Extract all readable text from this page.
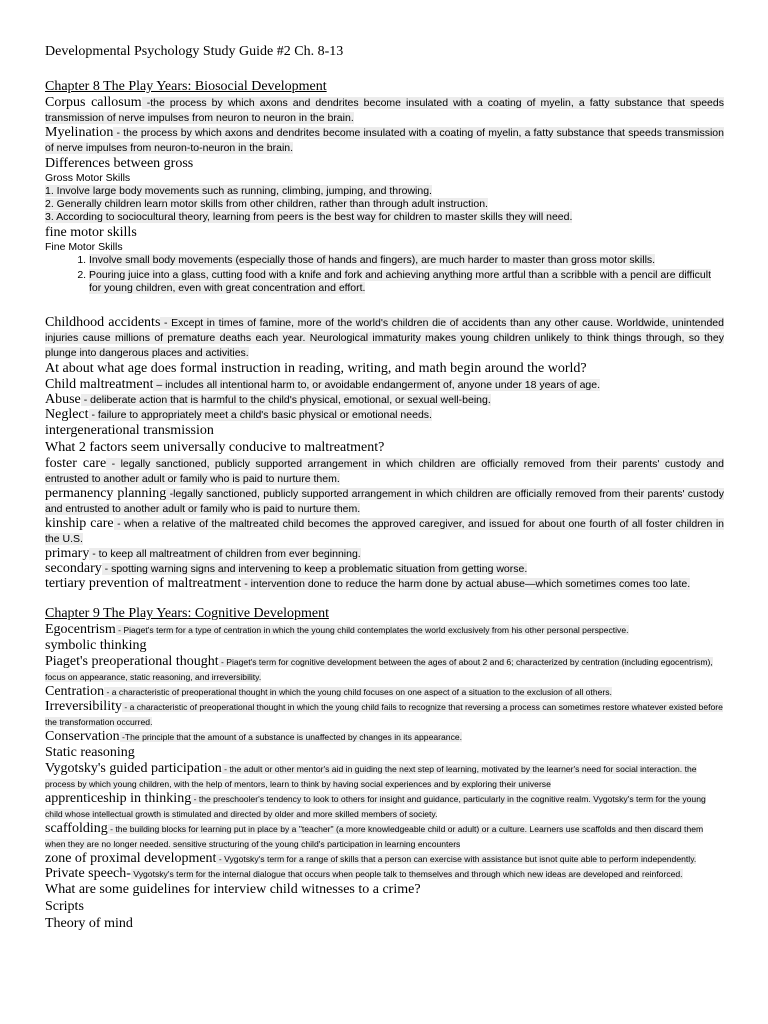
Developmental Psychology Study Guide #2 Ch. 8-13

Chapter 8 The Play Years: Biosocial Development

Corpus callosum -the process by which axons and dendrites become insulated with a coating of myelin, a fatty substance that speeds transmission of nerve impulses from neuron to neuron in the brain.

Myelination - the process by which axons and dendrites become insulated with a coating of myelin, a fatty substance that speeds transmission of nerve impulses from neuron-to-neuron in the brain.

Differences between gross

Gross Motor Skills

1. Involve large body movements such as running, climbing, jumping, and throwing.

2. Generally children learn motor skills from other children, rather than through adult instruction.

3. According to sociocultural theory, learning from peers is the best way for children to master skills they will need.

fine motor skills

Fine Motor Skills

1. Involve small body movements (especially those of hands and fingers), are much harder to master than gross motor skills.
2. Pouring juice into a glass, cutting food with a knife and fork and achieving anything more artful than a scribble with a pencil are difficult for young children, even with great concentration and effort.

Childhood accidents - Except in times of famine, more of the world's children die of accidents than any other cause. Worldwide, unintended injuries cause millions of premature deaths each year. Neurological immaturity makes young children unlikely to think things through, so they plunge into dangerous places and activities.

At about what age does formal instruction in reading, writing, and math begin around the world?

Child maltreatment – includes all intentional harm to, or avoidable endangerment of, anyone under 18 years of age.

Abuse - deliberate action that is harmful to the child's physical, emotional, or sexual well-being.

Neglect - failure to appropriately meet a child's basic physical or emotional needs.

intergenerational transmission

What 2 factors seem universally conducive to maltreatment?

foster care - legally sanctioned, publicly supported arrangement in which children are officially removed from their parents' custody and entrusted to another adult or family who is paid to nurture them.

permanency planning -legally sanctioned, publicly supported arrangement in which children are officially removed from their parents' custody and entrusted to another adult or family who is paid to nurture them.

kinship care - when a relative of the maltreated child becomes the approved caregiver, and issued for about one fourth of all foster children in the U.S.

primary - to keep all maltreatment of children from ever beginning.

secondary - spotting warning signs and intervening to keep a problematic situation from getting worse.

tertiary prevention of maltreatment - intervention done to reduce the harm done by actual abuse—which sometimes comes too late.

Chapter 9 The Play Years: Cognitive Development

Egocentrism - Piaget's term for a type of centration in which the young child contemplates the world exclusively from his other personal perspective.

symbolic thinking

Piaget's preoperational thought - Piaget's term for cognitive development between the ages of about 2 and 6; characterized by centration (including egocentrism), focus on appearance, static reasoning, and irreversibility.

Centration - a characteristic of preoperational thought in which the young child focuses on one aspect of a situation to the exclusion of all others.

Irreversibility - a characteristic of preoperational thought in which the young child fails to recognize that reversing a process can sometimes restore whatever existed before the transformation occurred.

Conservation -The principle that the amount of a substance is unaffected by changes in its appearance.

Static reasoning

Vygotsky's guided participation - the adult or other mentor's aid in guiding the next step of learning, motivated by the learner's need for social interaction. the process by which young children, with the help of mentors, learn to think by having social experiences and by exploring their universe

apprenticeship in thinking - the preschooler's tendency to look to others for insight and guidance, particularly in the cognitive realm. Vygotsky's term for the young child whose intellectual growth is stimulated and directed by older and more skilled members of society.

scaffolding - the building blocks for learning put in place by a "teacher" (a more knowledgeable child or adult) or a culture. Learners use scaffolds and then discard them when they are no longer needed. sensitive structuring of the young child's participation in learning encounters

zone of proximal development - Vygotsky's term for a range of skills that a person can exercise with assistance but isnot quite able to perform independently.

Private speech- Vygotsky's term for the internal dialogue that occurs when people talk to themselves and through which new ideas are developed and reinforced.

What are some guidelines for interview child witnesses to a crime?

Scripts

Theory of mind
